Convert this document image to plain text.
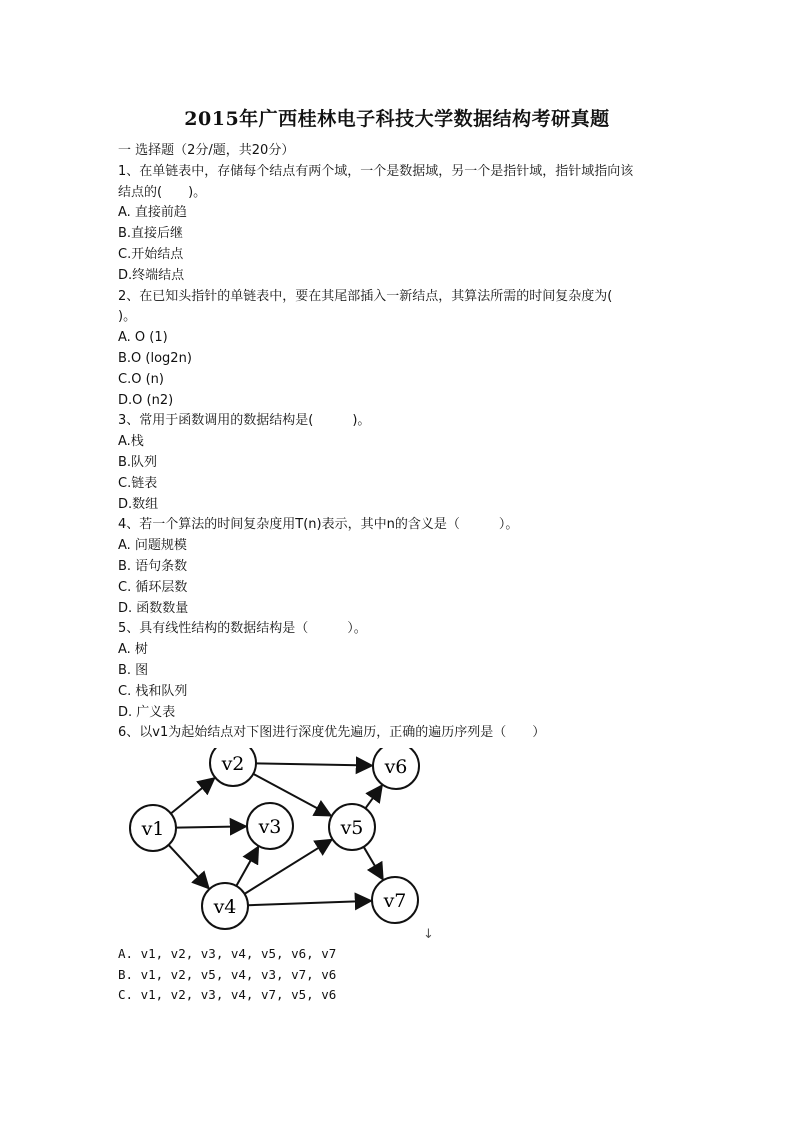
2015年广西桂林电子科技大学数据结构考研真题
一 选择题（2分/题，共20分）
1、在单链表中，存储每个结点有两个域，一个是数据域，另一个是指针域，指针域指向该
结点的(　　)。
A. 直接前趋
B.直接后继
C.开始结点
D.终端结点
2、在已知头指针的单链表中，要在其尾部插入一新结点，其算法所需的时间复杂度为(
)。
A. O (1)
B.O (log2n)
C.O (n)
D.O (n2)
3、常用于函数调用的数据结构是(　　　)。
A.栈
B.队列
C.链表
D.数组
4、若一个算法的时间复杂度用T(n)表示，其中n的含义是（　　　）。
A. 问题规模
B. 语句条数
C. 循环层数
D. 函数数量
5、具有线性结构的数据结构是（　　　）。
A. 树
B. 图
C. 栈和队列
D. 广义表
6、以v1为起始结点对下图进行深度优先遍历，正确的遍历序列是（　　）
v1
v2
v3
v4
v5
v6
v7
↓
A. v1, v2, v3, v4, v5, v6, v7
B. v1, v2, v5, v4, v3, v7, v6
C. v1, v2, v3, v4, v7, v5, v6
